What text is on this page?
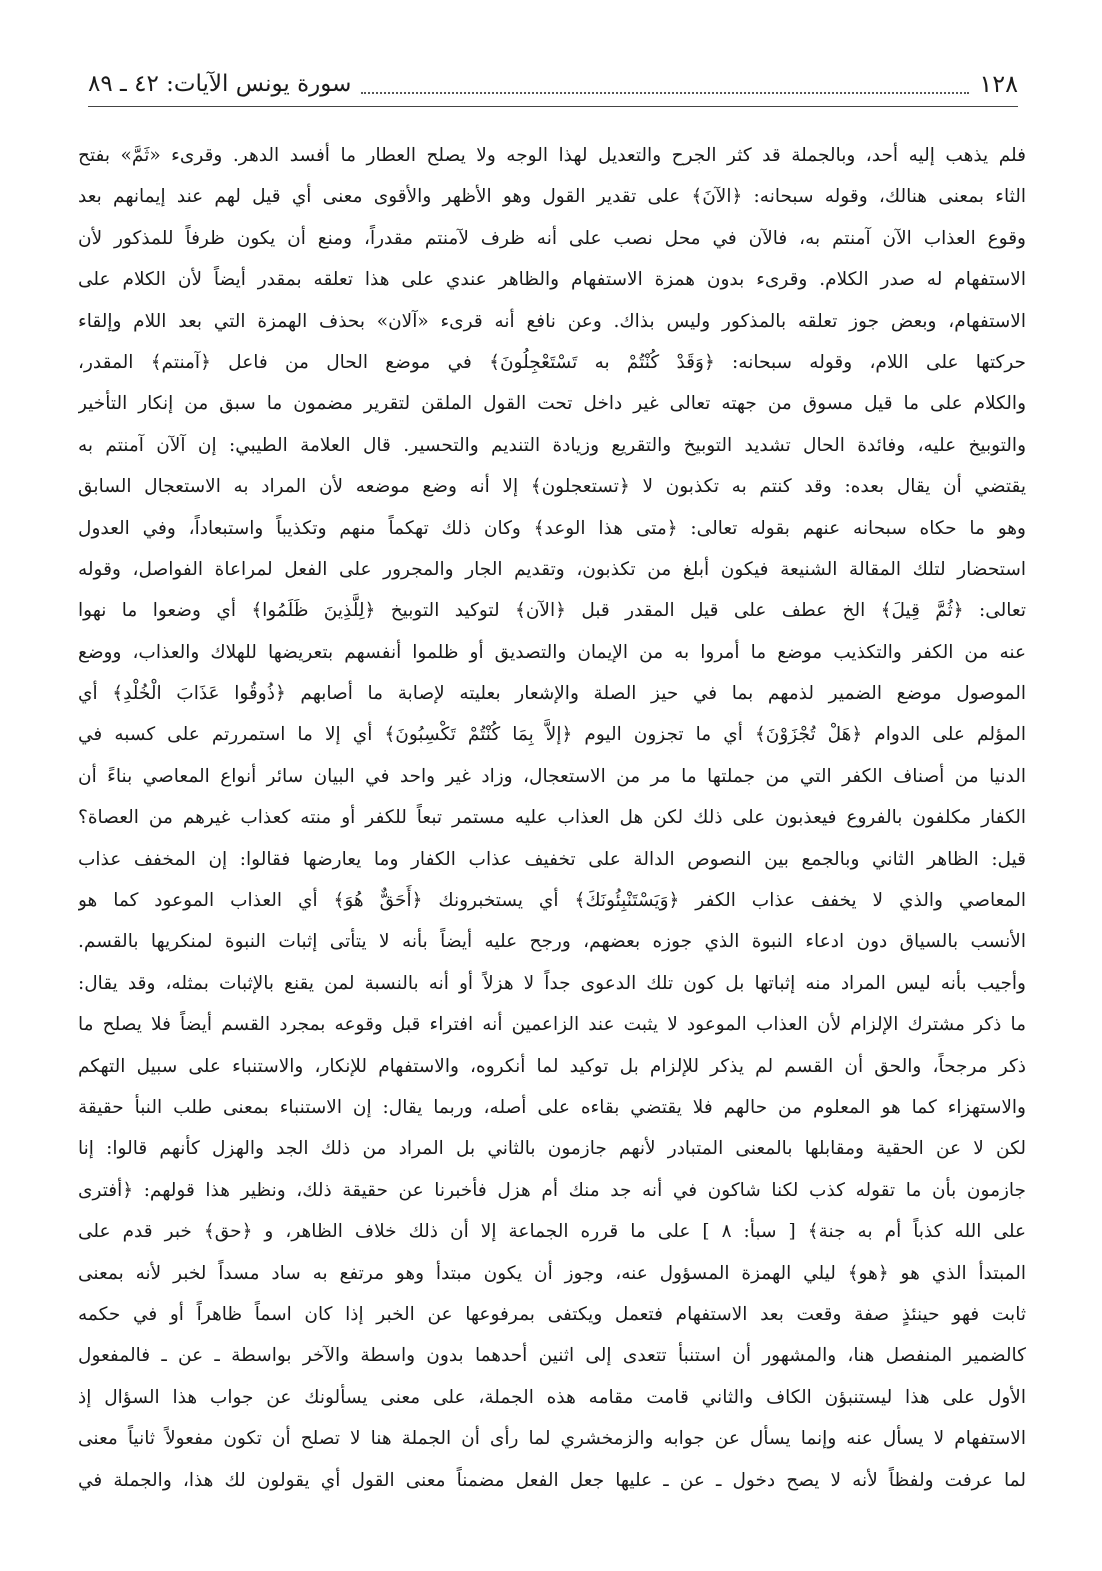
١٢٨
سورة يونس الآيات: ٤٢ ـ ٨٩
فلم يذهب إليه أحد، وبالجملة قد كثر الجرح والتعديل لهذا الوجه ولا يصلح العطار ما أفسد الدهر. وقرىء «ثَمَّ» بفتح
الثاء بمعنى هنالك، وقوله سبحانه: ﴿الآنَ﴾ على تقدير القول وهو الأظهر والأقوى معنى أي قيل لهم عند إيمانهم بعد
وقوع العذاب الآن آمنتم به، فالآن في محل نصب على أنه ظرف لآمنتم مقدراً، ومنع أن يكون ظرفاً للمذكور لأن
الاستفهام له صدر الكلام. وقرىء بدون همزة الاستفهام والظاهر عندي على هذا تعلقه بمقدر أيضاً لأن الكلام على
الاستفهام، وبعض جوز تعلقه بالمذكور وليس بذاك. وعن نافع أنه قرىء «آلان» بحذف الهمزة التي بعد اللام وإلقاء
حركتها على اللام، وقوله سبحانه: ﴿وَقَدْ كُنْتُمْ به تَسْتَعْجِلُونَ﴾ في موضع الحال من فاعل ﴿آمنتم﴾ المقدر،
والكلام على ما قيل مسوق من جهته تعالى غير داخل تحت القول الملقن لتقرير مضمون ما سبق من إنكار التأخير
والتوبيخ عليه، وفائدة الحال تشديد التوبيخ والتقريع وزيادة التنديم والتحسير. قال العلامة الطيبي: إن آلآن آمنتم به
يقتضي أن يقال بعده: وقد كنتم به تكذبون لا ﴿تستعجلون﴾ إلا أنه وضع موضعه لأن المراد به الاستعجال السابق
وهو ما حكاه سبحانه عنهم بقوله تعالى: ﴿متى هذا الوعد﴾ وكان ذلك تهكماً منهم وتكذيباً واستبعاداً، وفي العدول
استحضار لتلك المقالة الشنيعة فيكون أبلغ من تكذبون، وتقديم الجار والمجرور على الفعل لمراعاة الفواصل، وقوله
تعالى: ﴿ثُمَّ قِيلَ﴾ الخ عطف على قيل المقدر قبل ﴿الآن﴾ لتوكيد التوبيخ ﴿لِلَّذِينَ ظَلَمُوا﴾ أي وضعوا ما نهوا
عنه من الكفر والتكذيب موضع ما أمروا به من الإيمان والتصديق أو ظلموا أنفسهم بتعريضها للهلاك والعذاب، ووضع
الموصول موضع الضمير لذمهم بما في حيز الصلة والإشعار بعليته لإصابة ما أصابهم ﴿ذُوقُوا عَذَابَ الْخُلْدِ﴾ أي
المؤلم على الدوام ﴿هَلْ تُجْزَوْنَ﴾ أي ما تجزون اليوم ﴿إلاَّ بِمَا كُنْتُمْ تَكْسِبُونَ﴾ أي إلا ما استمررتم على كسبه في
الدنيا من أصناف الكفر التي من جملتها ما مر من الاستعجال، وزاد غير واحد في البيان سائر أنواع المعاصي بناءً أن
الكفار مكلفون بالفروع فيعذبون على ذلك لكن هل العذاب عليه مستمر تبعاً للكفر أو منته كعذاب غيرهم من العصاة؟
قيل: الظاهر الثاني وبالجمع بين النصوص الدالة على تخفيف عذاب الكفار وما يعارضها فقالوا: إن المخفف عذاب
المعاصي والذي لا يخفف عذاب الكفر ﴿وَيَسْتَنْبِئُونَكَ﴾ أي يستخبرونك ﴿أَحَقٌّ هُوَ﴾ أي العذاب الموعود كما هو
الأنسب بالسياق دون ادعاء النبوة الذي جوزه بعضهم، ورجح عليه أيضاً بأنه لا يتأتى إثبات النبوة لمنكريها بالقسم.
وأجيب بأنه ليس المراد منه إثباتها بل كون تلك الدعوى جداً لا هزلاً أو أنه بالنسبة لمن يقنع بالإثبات بمثله، وقد يقال:
ما ذكر مشترك الإلزام لأن العذاب الموعود لا يثبت عند الزاعمين أنه افتراء قبل وقوعه بمجرد القسم أيضاً فلا يصلح ما
ذكر مرجحاً، والحق أن القسم لم يذكر للإلزام بل توكيد لما أنكروه، والاستفهام للإنكار، والاستنباء على سبيل التهكم
والاستهزاء كما هو المعلوم من حالهم فلا يقتضي بقاءه على أصله، وربما يقال: إن الاستنباء بمعنى طلب النبأ حقيقة
لكن لا عن الحقية ومقابلها بالمعنى المتبادر لأنهم جازمون بالثاني بل المراد من ذلك الجد والهزل كأنهم قالوا: إنا
جازمون بأن ما تقوله كذب لكنا شاكون في أنه جد منك أم هزل فأخبرنا عن حقيقة ذلك، ونظير هذا قولهم: ﴿أفترى
على الله كذباً أم به جنة﴾ [ سبأ: ٨ ] على ما قرره الجماعة إلا أن ذلك خلاف الظاهر، و ﴿حق﴾ خبر قدم على
المبتدأ الذي هو ﴿هو﴾ ليلي الهمزة المسؤول عنه، وجوز أن يكون مبتدأ وهو مرتفع به ساد مسداً لخبر لأنه بمعنى
ثابت فهو حينئذٍ صفة وقعت بعد الاستفهام فتعمل ويكتفى بمرفوعها عن الخبر إذا كان اسماً ظاهراً أو في حكمه
كالضمير المنفصل هنا، والمشهور أن استنبأ تتعدى إلى اثنين أحدهما بدون واسطة والآخر بواسطة ـ عن ـ فالمفعول
الأول على هذا ليستنبؤن الكاف والثاني قامت مقامه هذه الجملة، على معنى يسألونك عن جواب هذا السؤال إذ
الاستفهام لا يسأل عنه وإنما يسأل عن جوابه والزمخشري لما رأى أن الجملة هنا لا تصلح أن تكون مفعولاً ثانياً معنى
لما عرفت ولفظاً لأنه لا يصح دخول ـ عن ـ عليها جعل الفعل مضمناً معنى القول أي يقولون لك هذا، والجملة في
